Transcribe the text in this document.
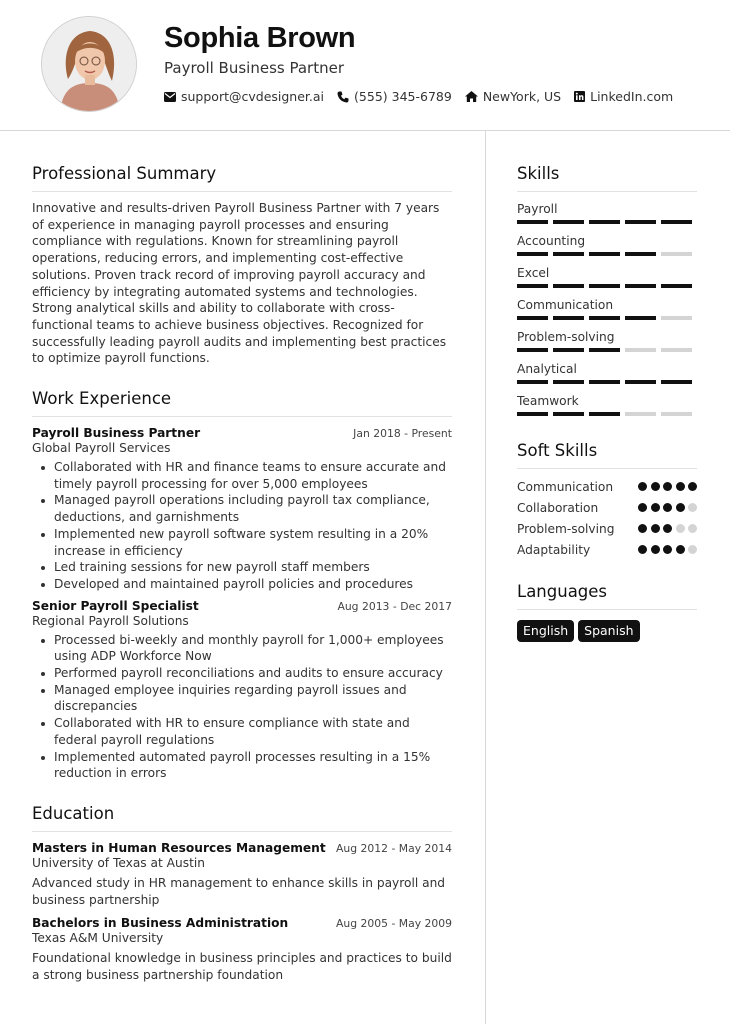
Sophia Brown
Payroll Business Partner
support@cvdesigner.ai (555) 345-6789 NewYork, US LinkedIn.com
Professional Summary

Innovative and results-driven Payroll Business Partner with 7 years of experience in managing payroll processes and ensuring compliance with regulations. Known for streamlining payroll operations, reducing errors, and implementing cost-effective solutions. Proven track record of improving payroll accuracy and efficiency by integrating automated systems and technologies. Strong analytical skills and ability to collaborate with cross-functional teams to achieve business objectives. Recognized for successfully leading payroll audits and implementing best practices to optimize payroll functions.

Work Experience
Payroll Business Partner	Jan 2018 - Present
Global Payroll Services
Collaborated with HR and finance teams to ensure accurate and timely payroll processing for over 5,000 employees
Managed payroll operations including payroll tax compliance, deductions, and garnishments
Implemented new payroll software system resulting in a 20% increase in efficiency
Led training sessions for new payroll staff members
Developed and maintained payroll policies and procedures
Senior Payroll Specialist	Aug 2013 - Dec 2017
Regional Payroll Solutions
Processed bi-weekly and monthly payroll for 1,000+ employees using ADP Workforce Now
Performed payroll reconciliations and audits to ensure accuracy
Managed employee inquiries regarding payroll issues and discrepancies
Collaborated with HR to ensure compliance with state and federal payroll regulations
Implemented automated payroll processes resulting in a 15% reduction in errors
Education
Masters in Human Resources Management Aug 2012 - May 2014
University of Texas at Austin

Advanced study in HR management to enhance skills in payroll and business partnership

Bachelors in Business Administration	Aug 2005 - May 2009
Texas A&M University

Foundational knowledge in business principles and practices to build a strong business partnership foundation

Skills
Payroll
Accounting
Excel
Communication
Problem-solving
Analytical
Teamwork
Soft Skills
Communication
Collaboration
Problem-solving
Adaptability
Languages
English	Spanish
